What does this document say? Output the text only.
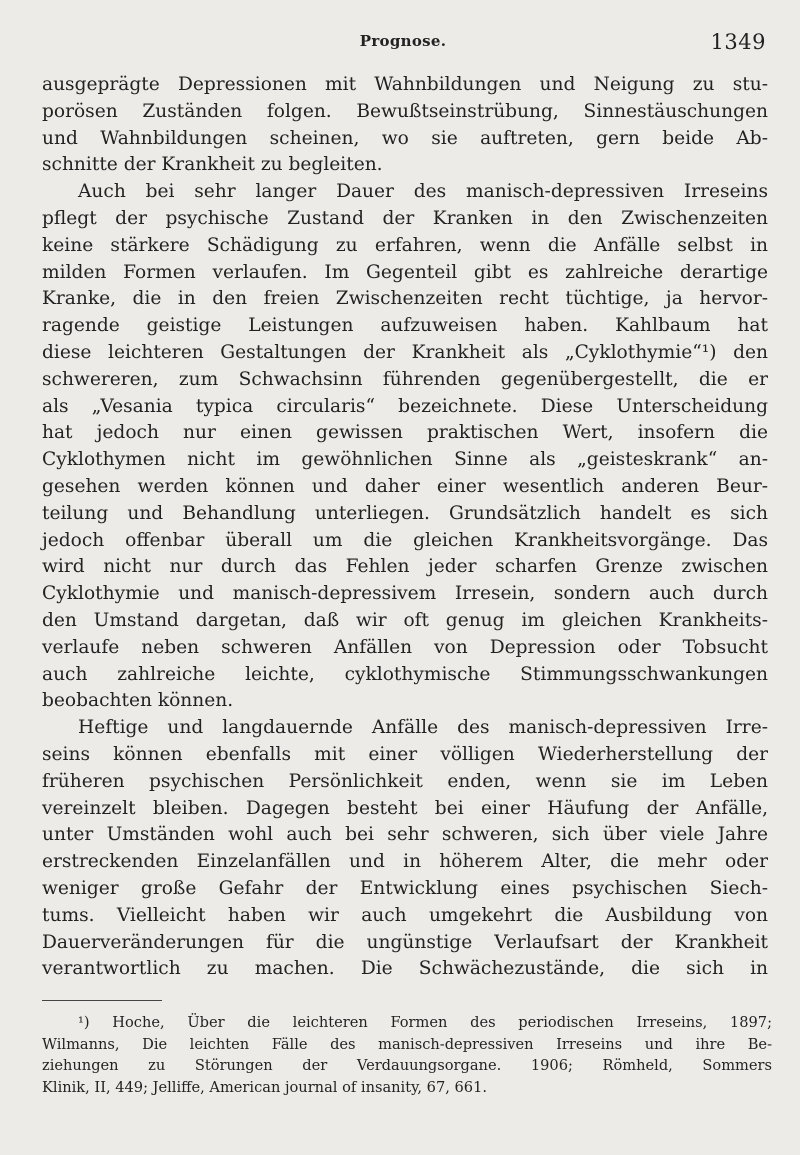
Prognose.	1349
ausgeprägte Depressionen mit Wahnbildungen und Neigung zu stu-
porösen Zuständen folgen. Bewußtseinstrübung, Sinnestäuschungen
und Wahnbildungen scheinen, wo sie auftreten, gern beide Ab-
schnitte der Krankheit zu begleiten.
Auch bei sehr langer Dauer des manisch-depressiven Irreseins
pflegt der psychische Zustand der Kranken in den Zwischenzeiten
keine stärkere Schädigung zu erfahren, wenn die Anfälle selbst in
milden Formen verlaufen. Im Gegenteil gibt es zahlreiche derartige
Kranke, die in den freien Zwischenzeiten recht tüchtige, ja hervor-
ragende geistige Leistungen aufzuweisen haben. Kahlbaum hat
diese leichteren Gestaltungen der Krankheit als „Cyklothymie“¹) den
schwereren, zum Schwachsinn führenden gegenübergestellt, die er
als „Vesania typica circularis“ bezeichnete. Diese Unterscheidung
hat jedoch nur einen gewissen praktischen Wert, insofern die
Cyklothymen nicht im gewöhnlichen Sinne als „geisteskrank“ an-
gesehen werden können und daher einer wesentlich anderen Beur-
teilung und Behandlung unterliegen. Grundsätzlich handelt es sich
jedoch offenbar überall um die gleichen Krankheitsvorgänge. Das
wird nicht nur durch das Fehlen jeder scharfen Grenze zwischen
Cyklothymie und manisch-depressivem Irresein, sondern auch durch
den Umstand dargetan, daß wir oft genug im gleichen Krankheits-
verlaufe neben schweren Anfällen von Depression oder Tobsucht
auch zahlreiche leichte, cyklothymische Stimmungsschwankungen
beobachten können.
Heftige und langdauernde Anfälle des manisch-depressiven Irre-
seins können ebenfalls mit einer völligen Wiederherstellung der
früheren psychischen Persönlichkeit enden, wenn sie im Leben
vereinzelt bleiben. Dagegen besteht bei einer Häufung der Anfälle,
unter Umständen wohl auch bei sehr schweren, sich über viele Jahre
erstreckenden Einzelanfällen und in höherem Alter, die mehr oder
weniger große Gefahr der Entwicklung eines psychischen Siech-
tums. Vielleicht haben wir auch umgekehrt die Ausbildung von
Dauerveränderungen für die ungünstige Verlaufsart der Krankheit
verantwortlich zu machen. Die Schwächezustände, die sich in
¹) Hoche, Über die leichteren Formen des periodischen Irreseins, 1897;
Wilmanns, Die leichten Fälle des manisch-depressiven Irreseins und ihre Be-
ziehungen zu Störungen der Verdauungsorgane. 1906; Römheld, Sommers
Klinik, II, 449; Jelliffe, American journal of insanity, 67, 661.
